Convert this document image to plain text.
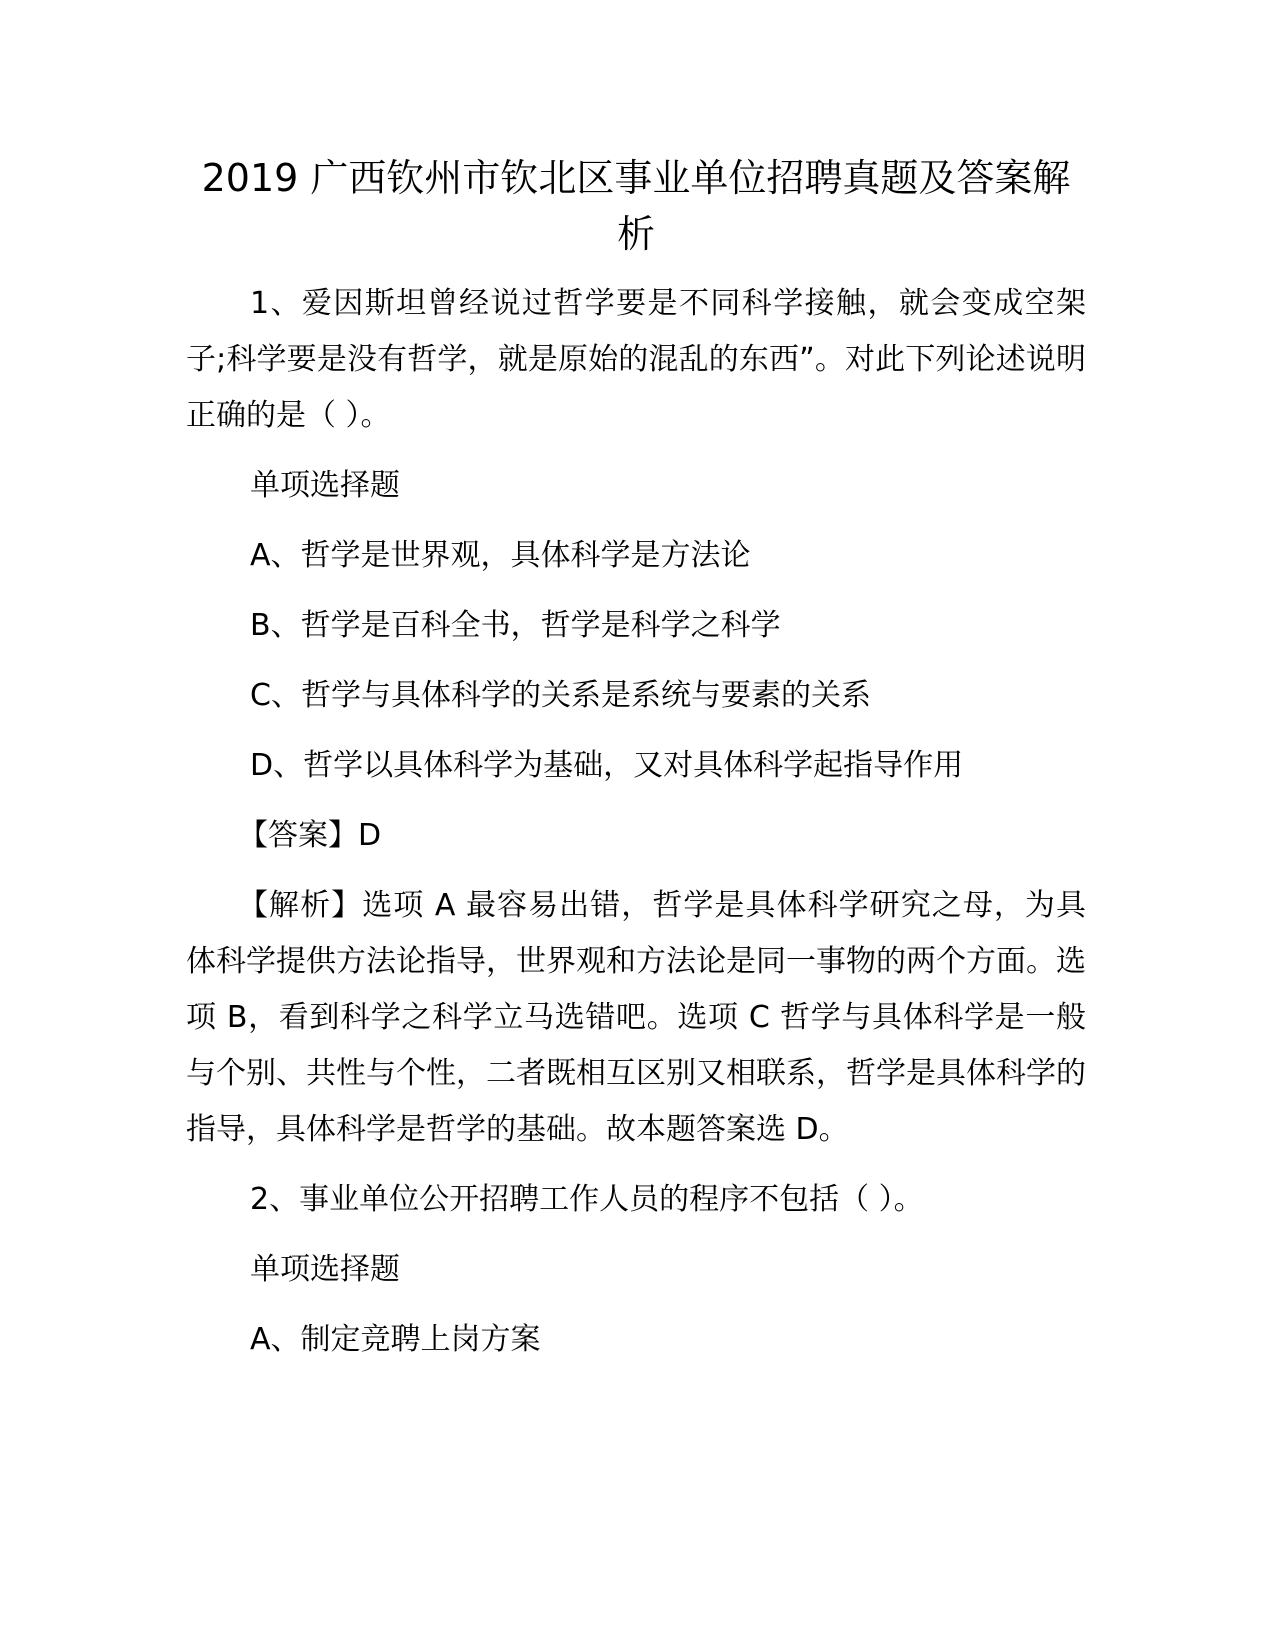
2019 广西钦州市钦北区事业单位招聘真题及答案解析

1、爱因斯坦曾经说过哲学要是不同科学接触，就会变成空架子;科学要是没有哲学，就是原始的混乱的东西”。对此下列论述说明正确的是（ ）。

单项选择题

A、哲学是世界观，具体科学是方法论

B、哲学是百科全书，哲学是科学之科学

C、哲学与具体科学的关系是系统与要素的关系

D、哲学以具体科学为基础，又对具体科学起指导作用

【答案】D

【解析】选项 A 最容易出错，哲学是具体科学研究之母，为具体科学提供方法论指导，世界观和方法论是同一事物的两个方面。选项 B，看到科学之科学立马选错吧。选项 C 哲学与具体科学是一般与个别、共性与个性，二者既相互区别又相联系，哲学是具体科学的指导，具体科学是哲学的基础。故本题答案选 D。

2、事业单位公开招聘工作人员的程序不包括（ ）。

单项选择题

A、制定竞聘上岗方案
